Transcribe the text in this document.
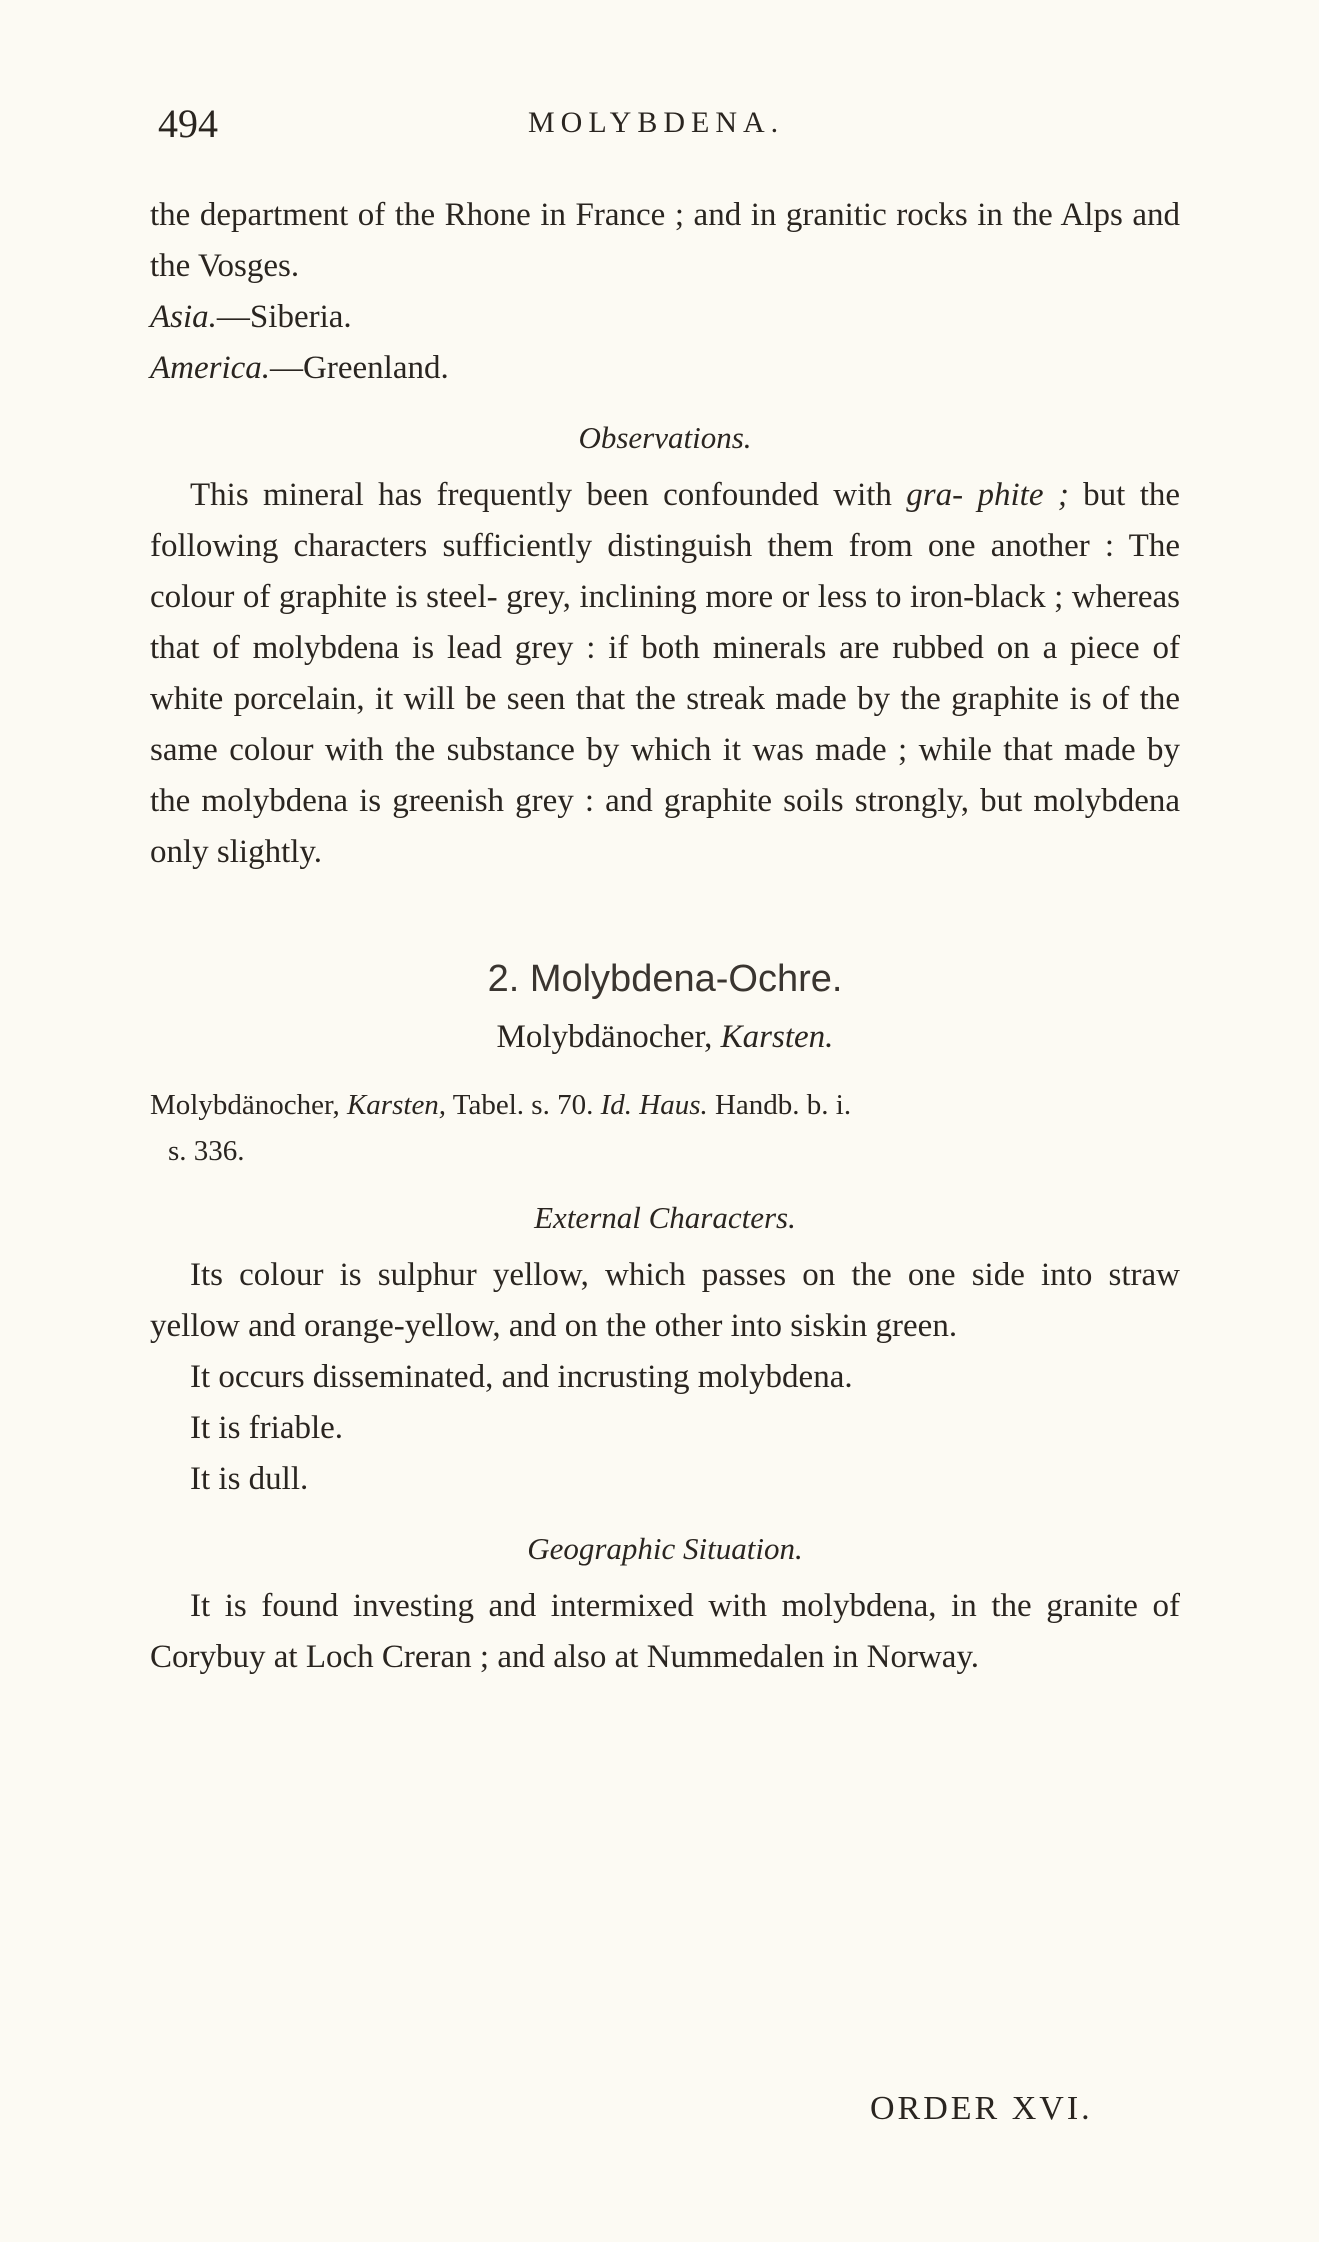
494	MOLYBDENA.

the department of the Rhone in France ; and in granitic rocks in the Alps and the Vosges.

Asia.—Siberia.

America.—Greenland.

Observations.

This mineral has frequently been confounded with gra- phite ; but the following characters sufficiently distinguish them from one another : The colour of graphite is steel- grey, inclining more or less to iron-black ; whereas that of molybdena is lead grey : if both minerals are rubbed on a piece of white porcelain, it will be seen that the streak made by the graphite is of the same colour with the substance by which it was made ; while that made by the molybdena is greenish grey : and graphite soils strongly, but molybdena only slightly.

2. Molybdena-Ochre.

Molybdänocher, Karsten.

Molybdänocher, Karsten, Tabel. s. 70. Id. Haus. Handb. b. i.

s. 336.

External Characters.

Its colour is sulphur yellow, which passes on the one side into straw yellow and orange-yellow, and on the other into siskin green.

It occurs disseminated, and incrusting molybdena.

It is friable.

It is dull.

Geographic Situation.

It is found investing and intermixed with molybdena, in the granite of Corybuy at Loch Creran ; and also at Nummedalen in Norway.

ORDER XVI.
